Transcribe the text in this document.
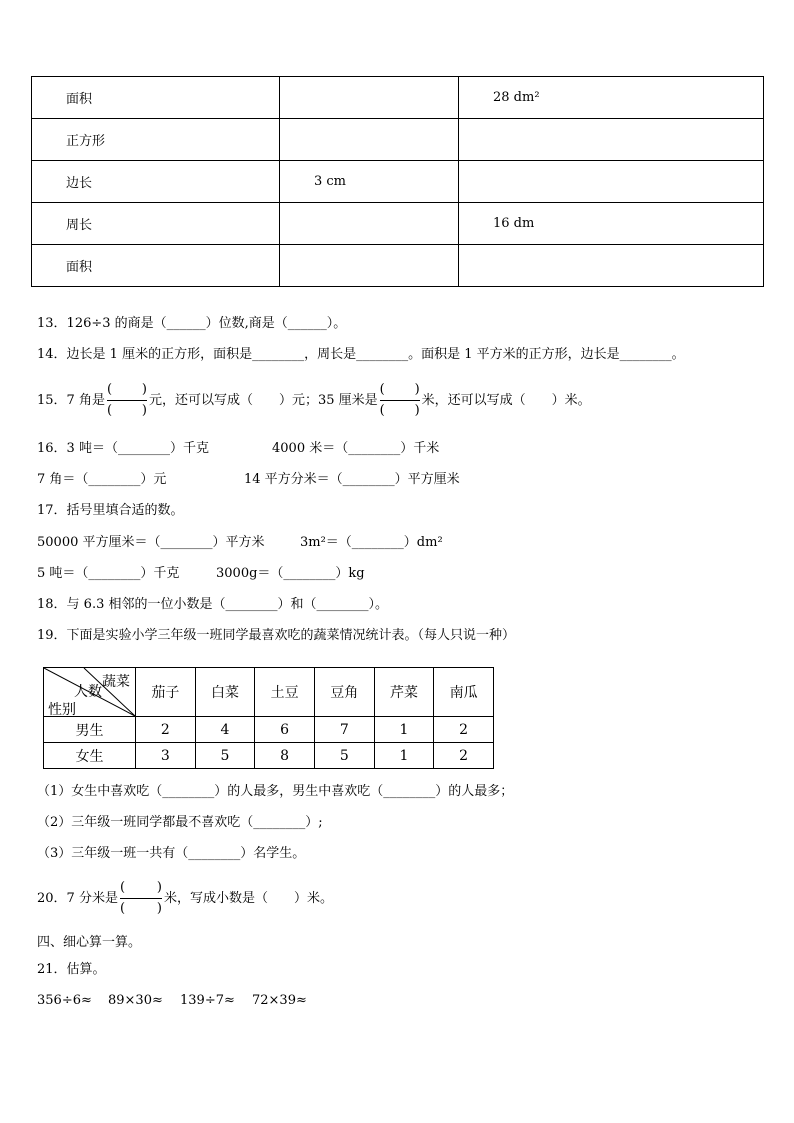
面积		28 dm²
正方形		
边长	3 cm	
周长		16 dm
面积		
13．126÷3 的商是（______）位数,商是（______）。
14．边长是 1 厘米的正方形，面积是________，周长是________。面积是 1 平方米的正方形，边长是________。
15．7 角是
( )
( )	元，还可以写成（　　）元；35 厘米是
( )
( )	米，还可以写成（　　）米。
16．3 吨＝（________）千克	4000 米＝（________）千米
7 角＝（________）元	14 平方分米＝（________）平方厘米
17．括号里填合适的数。
50000 平方厘米＝（________）平方米	3m²＝（________）dm²
5 吨＝（________）千克	3000g＝（________）kg
18．与 6.3 相邻的一位小数是（________）和（________）。
19．下面是实验小学三年级一班同学最喜欢吃的蔬菜情况统计表。（每人只说一种）
蔬菜
人数
性别	茄子	白菜	土豆	豆角	芹菜	南瓜
男生	2	4	6	7	1	2
女生	3	5	8	5	1	2
（1）女生中喜欢吃（________）的人最多，男生中喜欢吃（________）的人最多；
（2）三年级一班同学都最不喜欢吃（________）;
（3）三年级一班一共有（________）名学生。
20．7 分米是
( )
( )	米，写成小数是（　　）米。
四、细心算一算。
21．估算。
356÷6≈ 89×30≈ 139÷7≈ 72×39≈
